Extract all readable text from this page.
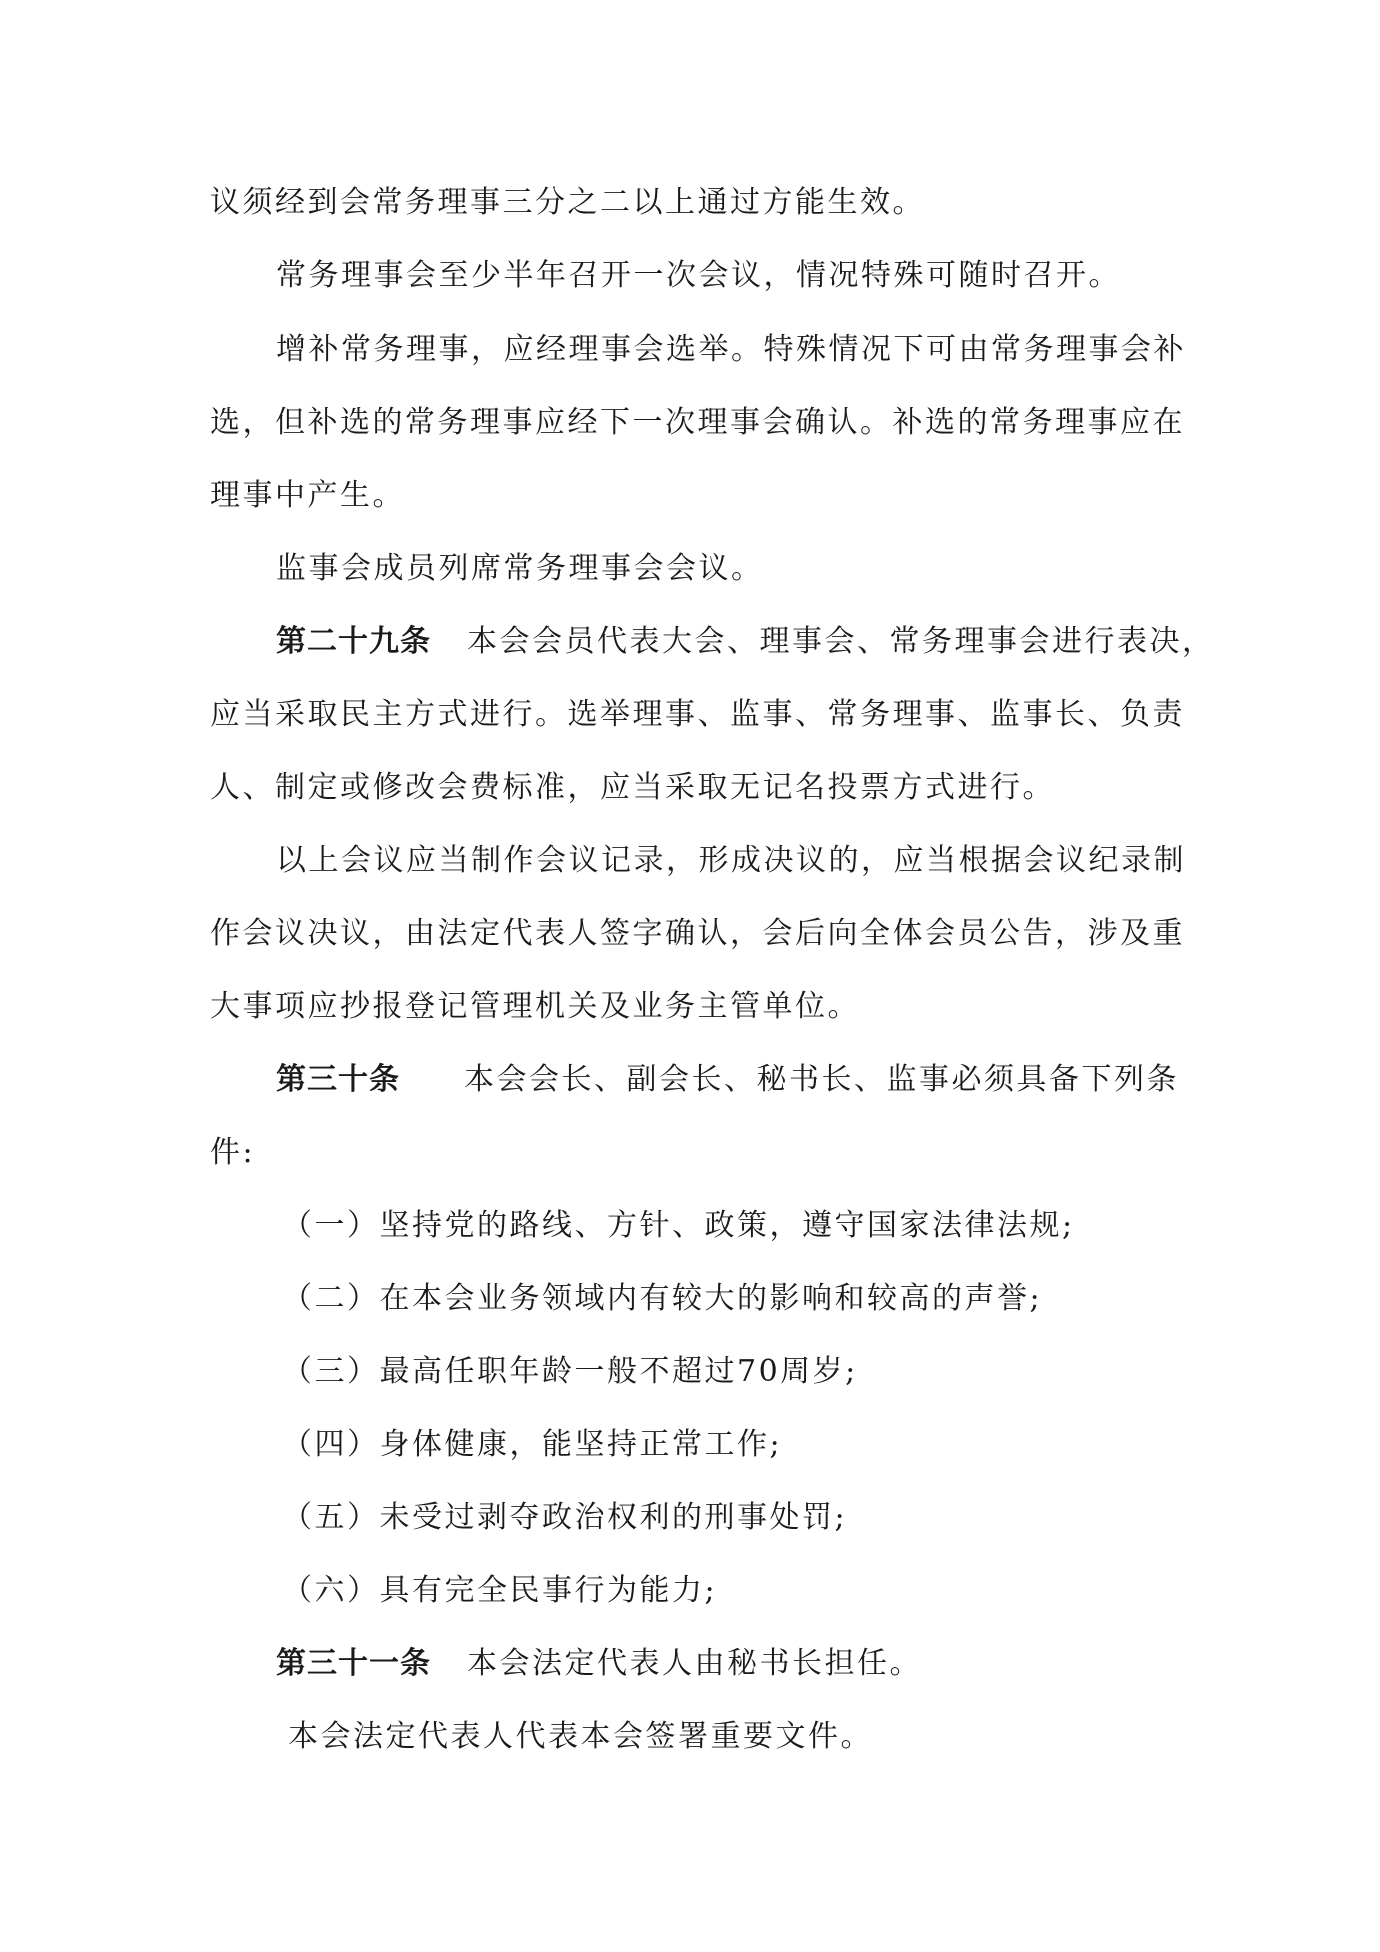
议须经到会常务理事三分之二以上通过方能生效。

常务理事会至少半年召开一次会议，情况特殊可随时召开。

增补常务理事，应经理事会选举。特殊情况下可由常务理事会补

选，但补选的常务理事应经下一次理事会确认。补选的常务理事应在

理事中产生。

监事会成员列席常务理事会会议。

第二十九条 本会会员代表大会、理事会、常务理事会进行表决，

应当采取民主方式进行。选举理事、监事、常务理事、监事长、负责

人、制定或修改会费标准，应当采取无记名投票方式进行。

以上会议应当制作会议记录，形成决议的，应当根据会议纪录制

作会议决议，由法定代表人签字确认，会后向全体会员公告，涉及重

大事项应抄报登记管理机关及业务主管单位。

第三十条 本会会长、副会长、秘书长、监事必须具备下列条

件:

（一）坚持党的路线、方针、政策，遵守国家法律法规;

（二）在本会业务领域内有较大的影响和较高的声誉;

（三）最高任职年龄一般不超过70周岁;

（四）身体健康，能坚持正常工作;

（五）未受过剥夺政治权利的刑事处罚;

（六）具有完全民事行为能力;

第三十一条 本会法定代表人由秘书长担任。

本会法定代表人代表本会签署重要文件。
